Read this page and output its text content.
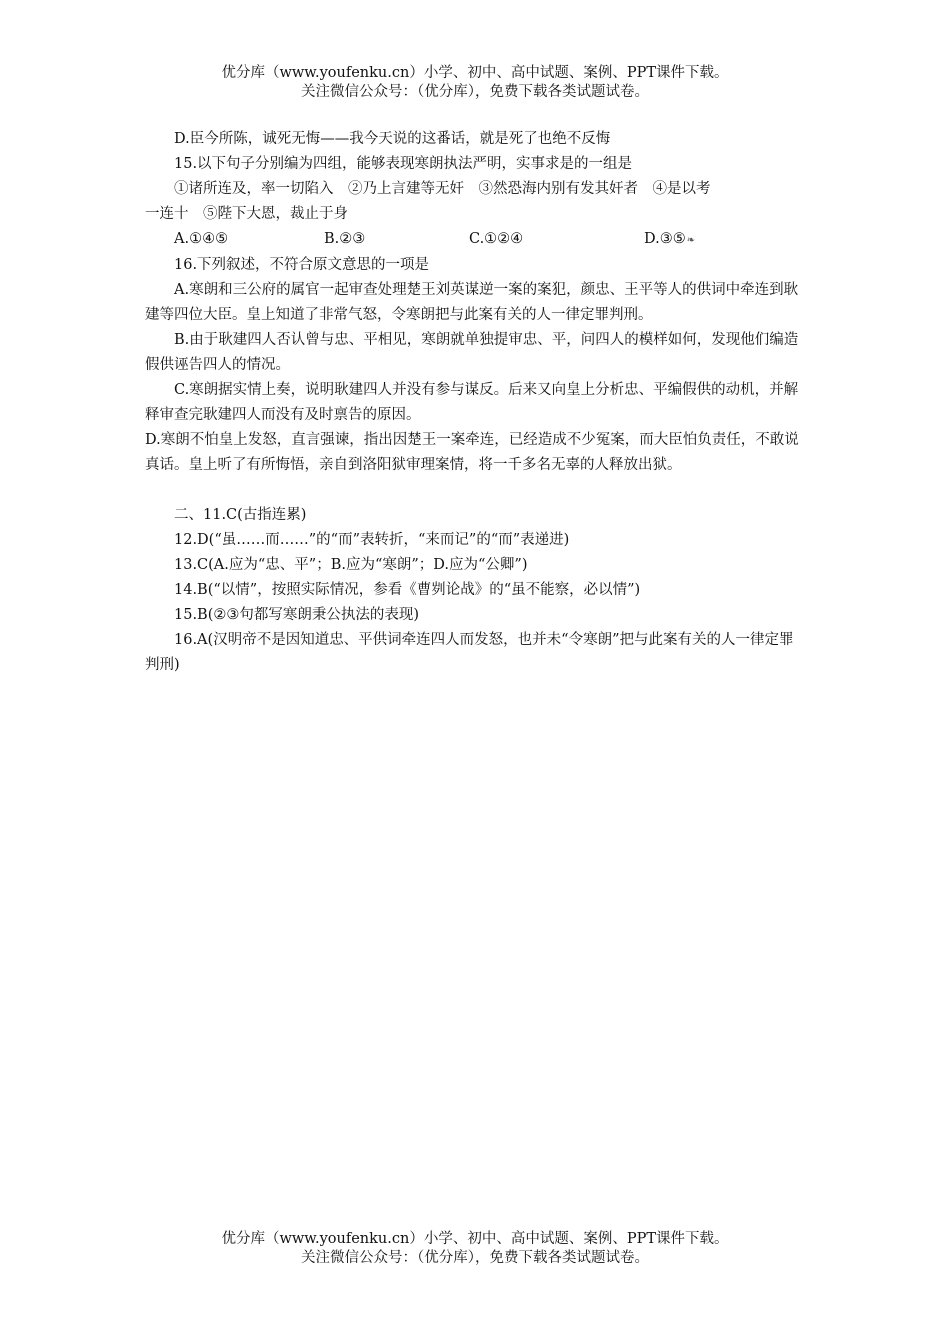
优分库（www.youfenku.cn）小学、初中、高中试题、案例、PPT课件下载。
关注微信公众号：（优分库），免费下载各类试题试卷。

D.臣今所陈，诚死无悔——我今天说的这番话，就是死了也绝不反悔

15.以下句子分别编为四组，能够表现寒朗执法严明，实事求是的一组是

①诸所连及，率一切陷入　②乃上言建等无奸　③然恐海内别有发其奸者　④是以考

一连十　⑤陛下大恩，裁止于身

A.①④⑤	B.②③	C.①②④	D.③⑤❧

16.下列叙述，不符合原文意思的一项是

A.寒朗和三公府的属官一起审查处理楚王刘英谋逆一案的案犯，颜忠、王平等人的供词中牵连到耿建等四位大臣。皇上知道了非常气怒，令寒朗把与此案有关的人一律定罪判刑。

B.由于耿建四人否认曾与忠、平相见，寒朗就单独提审忠、平，问四人的模样如何，发现他们编造假供诬告四人的情况。

C.寒朗据实情上奏，说明耿建四人并没有参与谋反。后来又向皇上分析忠、平编假供的动机，并解释审查完耿建四人而没有及时禀告的原因。

D.寒朗不怕皇上发怒，直言强谏，指出因楚王一案牵连，已经造成不少冤案，而大臣怕负责任，不敢说真话。皇上听了有所悔悟，亲自到洛阳狱审理案情，将一千多名无辜的人释放出狱。

二、11.C(古指连累)

12.D(“虽……而……”的“而”表转折，“来而记”的“而”表递进)

13.C(A.应为“忠、平”；B.应为“寒朗”；D.应为“公卿”)

14.B(“以情”，按照实际情况，参看《曹刿论战》的“虽不能察，必以情”)

15.B(②③句都写寒朗秉公执法的表现)

16.A(汉明帝不是因知道忠、平供词牵连四人而发怒，也并未“令寒朗”把与此案有关的人一律定罪判刑)

优分库（www.youfenku.cn）小学、初中、高中试题、案例、PPT课件下载。
关注微信公众号：（优分库），免费下载各类试题试卷。
